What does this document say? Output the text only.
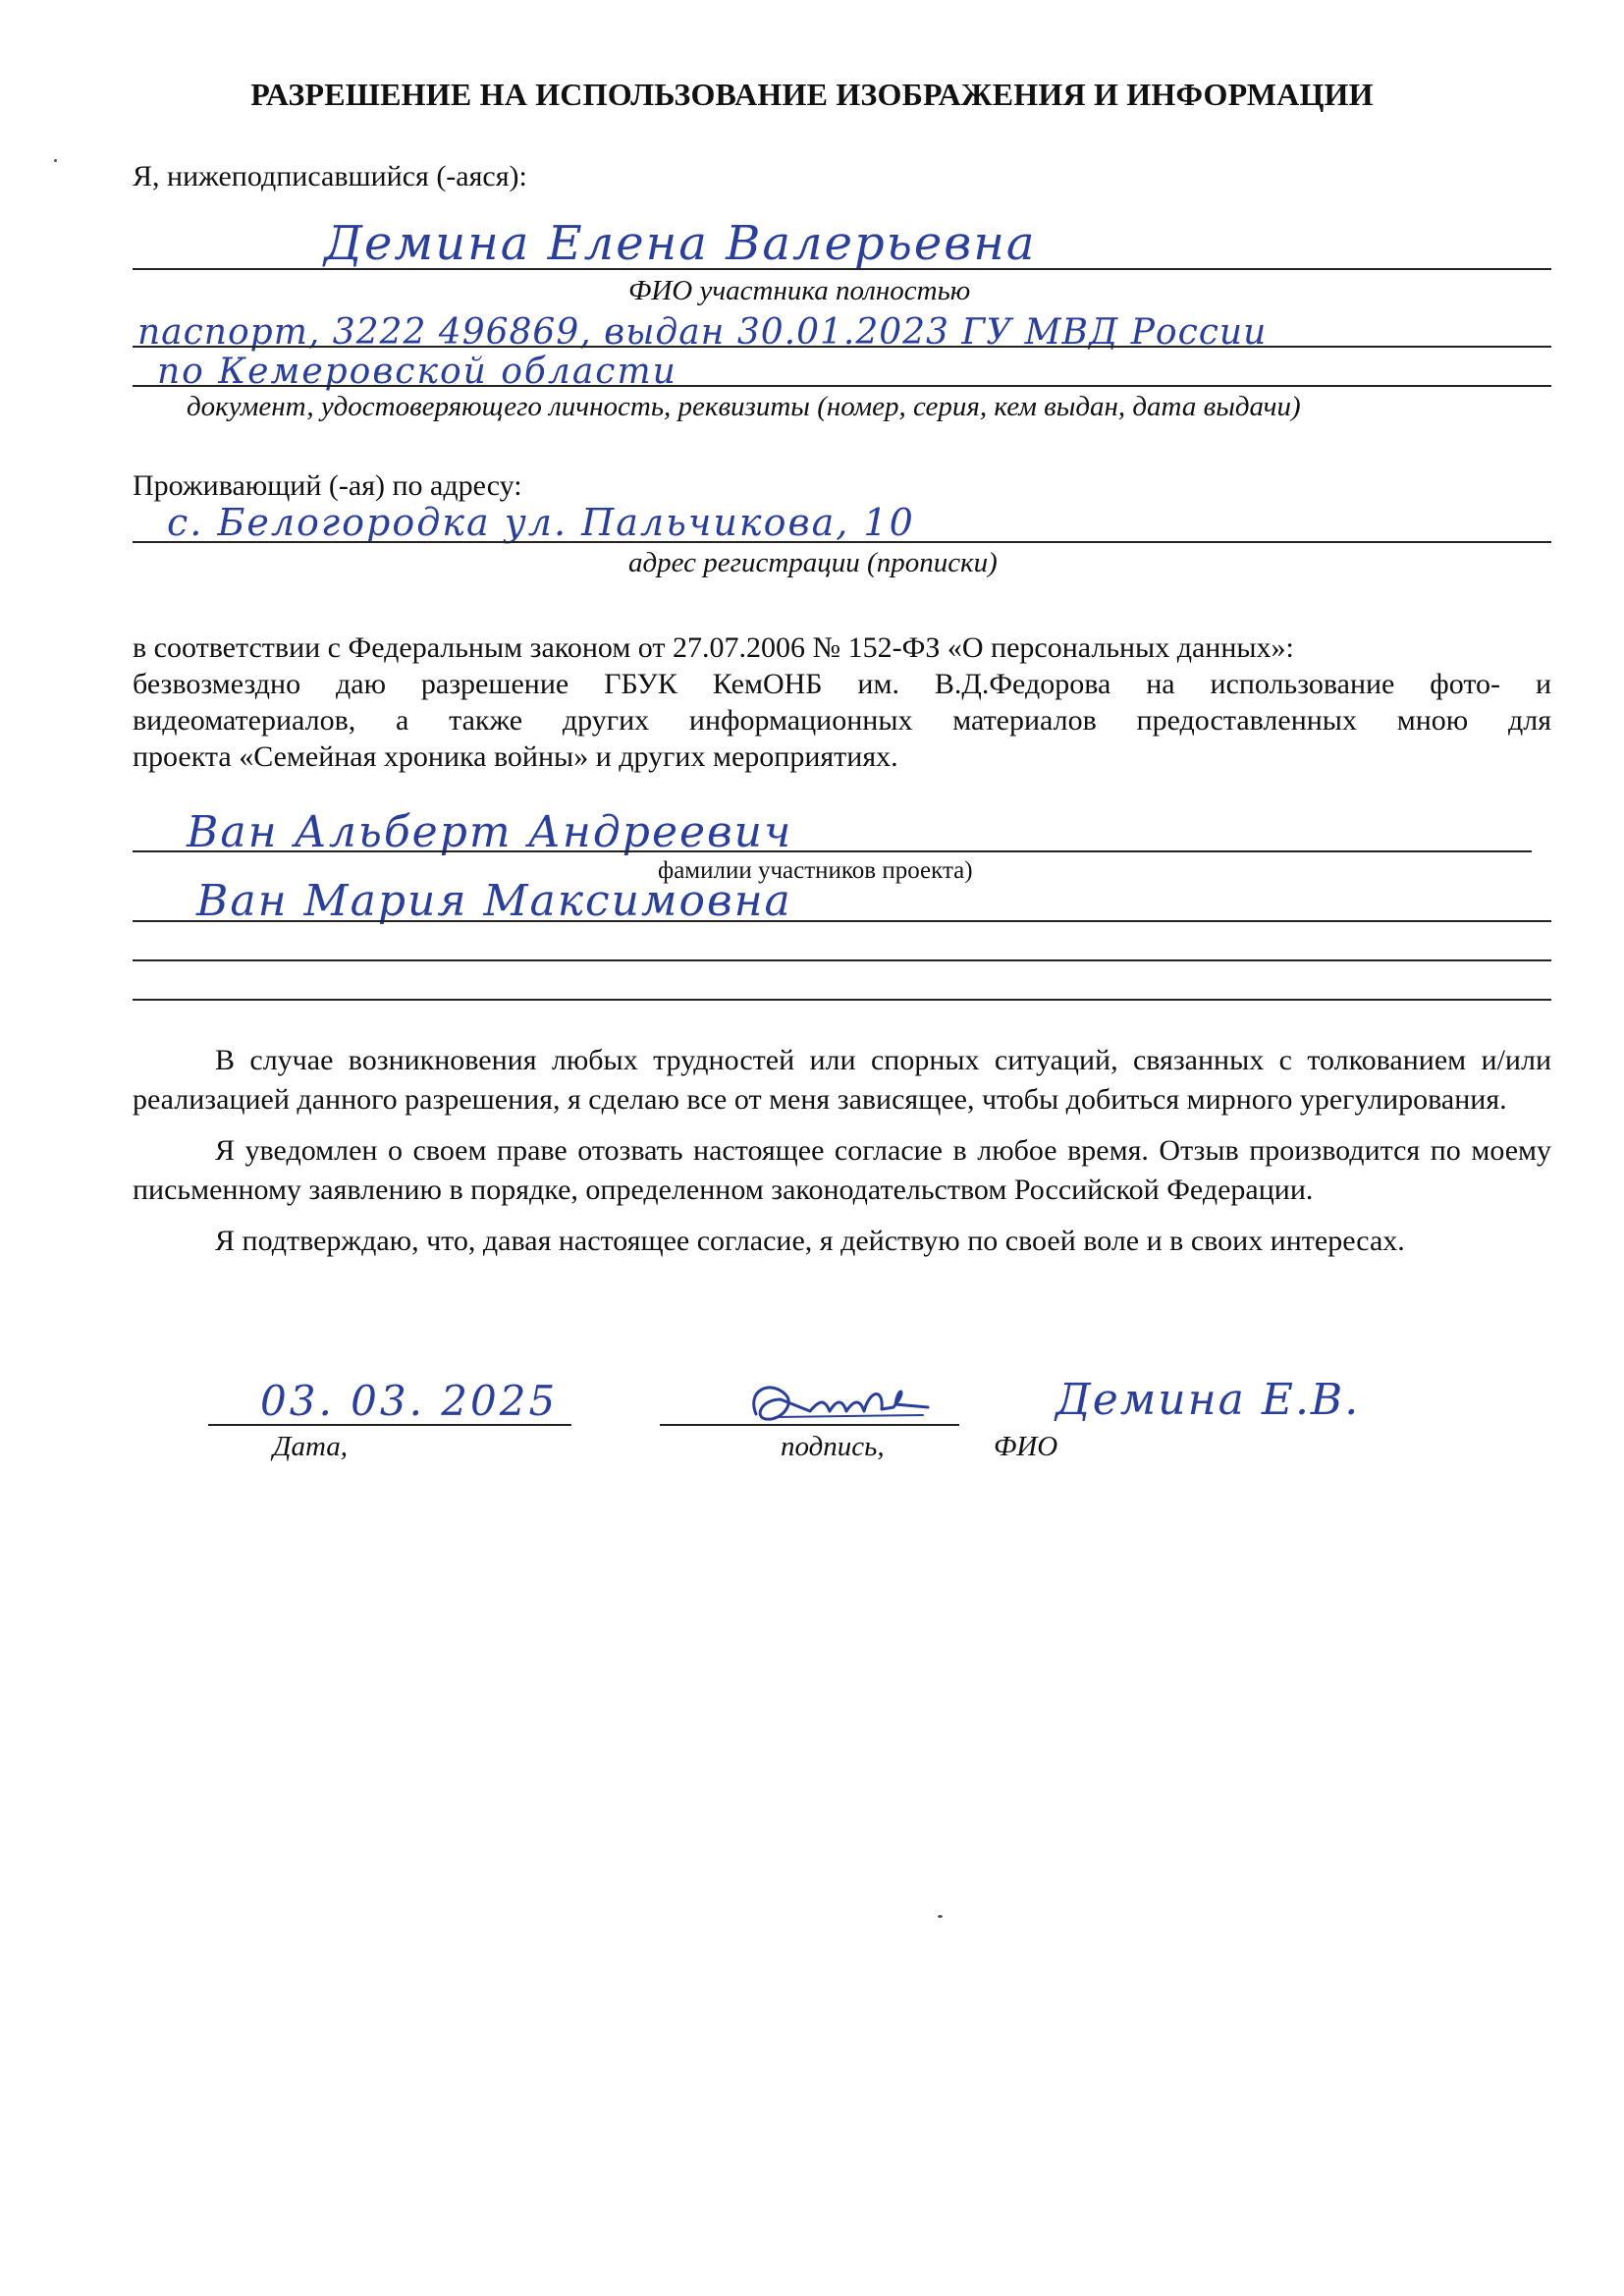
РАЗРЕШЕНИЕ НА ИСПОЛЬЗОВАНИЕ ИЗОБРАЖЕНИЯ И ИНФОРМАЦИИ
Я, нижеподписавшийся (-аяся):
Демина Елена Валерьевна
ФИО участника полностью
паспорт, 3222 496869, выдан 30.01.2023 ГУ МВД России
по Кемеровской области
документ, удостоверяющего личность, реквизиты (номер, серия, кем выдан, дата выдачи)
Проживающий (-ая) по адресу:
с. Белогородка ул. Пальчикова, 10
адрес регистрации (прописки)
в соответствии с Федеральным законом от 27.07.2006 № 152-ФЗ «О персональных данных»:
безвозмездно даю разрешение ГБУК КемОНБ им. В.Д.Федорова на использование фото- и
видеоматериалов, а также других информационных материалов предоставленных мною для
проекта «Семейная хроника войны» и других мероприятиях.
Ван Альберт Андреевич
фамилии участников проекта)
Ван Мария Максимовна

В случае возникновения любых трудностей или спорных ситуаций, связанных с толкованием и/или реализацией данного разрешения, я сделаю все от меня зависящее, чтобы добиться мирного урегулирования.

Я уведомлен о своем праве отозвать настоящее согласие в любое время. Отзыв производится по моему письменному заявлению в порядке, определенном законодательством Российской Федерации.

Я подтверждаю, что, давая настоящее согласие, я действую по своей воле и в своих интересах.

03. 03. 2025
Дата,	подпись,
Демина Е.В.
ФИО
